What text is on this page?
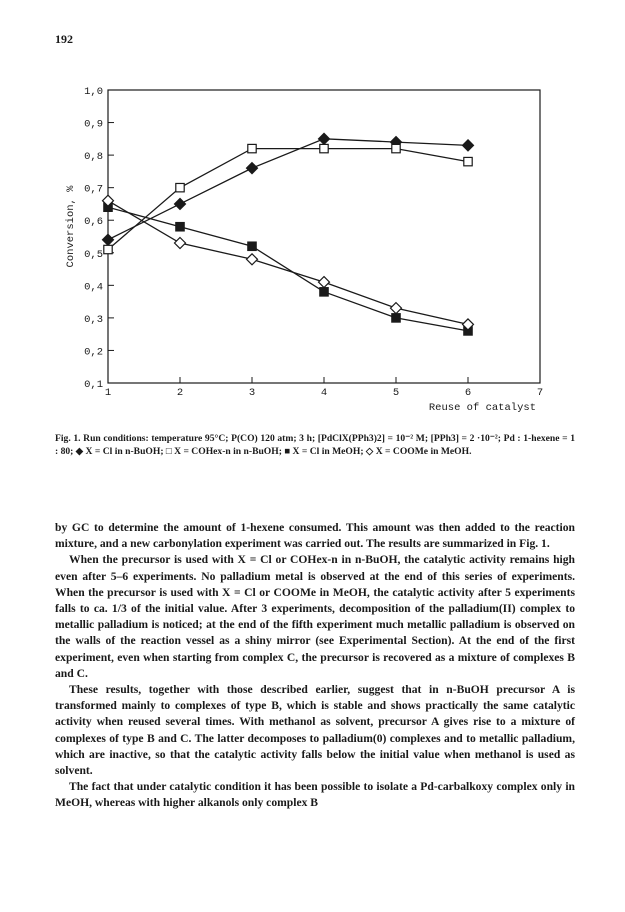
192
0,1
0,2
0,3
0,4
0,5
0,6
0,7
0,8
0,9
1,0
1	2	3	4	5	6	7
Reuse of catalyst
Conversion, %
Fig. 1. Run conditions: temperature 95°C; P(CO) 120 atm; 3 h; [PdClX(PPh3)2] = 10⁻² M; [PPh3] = 2 ·10⁻²; Pd : 1-hexene = 1 : 80; ◆ X = Cl in n-BuOH; □ X = COHex-n in n-BuOH; ■ X = Cl in MeOH; ◇ X = COOMe in MeOH.

by GC to determine the amount of 1-hexene consumed. This amount was then added to the reaction mixture, and a new carbonylation experiment was carried out. The results are summarized in Fig. 1.

When the precursor is used with X = Cl or COHex-n in n-BuOH, the catalytic activity remains high even after 5–6 experiments. No palladium metal is observed at the end of this series of experiments. When the precursor is used with X = Cl or COOMe in MeOH, the catalytic activity after 5 experiments falls to ca. 1/3 of the initial value. After 3 experiments, decomposition of the palladium(II) complex to metallic palladium is noticed; at the end of the fifth experiment much metallic palladium is observed on the walls of the reaction vessel as a shiny mirror (see Experimental Section). At the end of the first experiment, even when starting from complex C, the precursor is recovered as a mixture of complexes B and C.

These results, together with those described earlier, suggest that in n-BuOH precursor A is transformed mainly to complexes of type B, which is stable and shows practically the same catalytic activity when reused several times. With methanol as solvent, precursor A gives rise to a mixture of complexes of type B and C. The latter decomposes to palladium(0) complexes and to metallic palladium, which are inactive, so that the catalytic activity falls below the initial value when methanol is used as solvent.

The fact that under catalytic condition it has been possible to isolate a Pd-carbalkoxy complex only in MeOH, whereas with higher alkanols only complex B
